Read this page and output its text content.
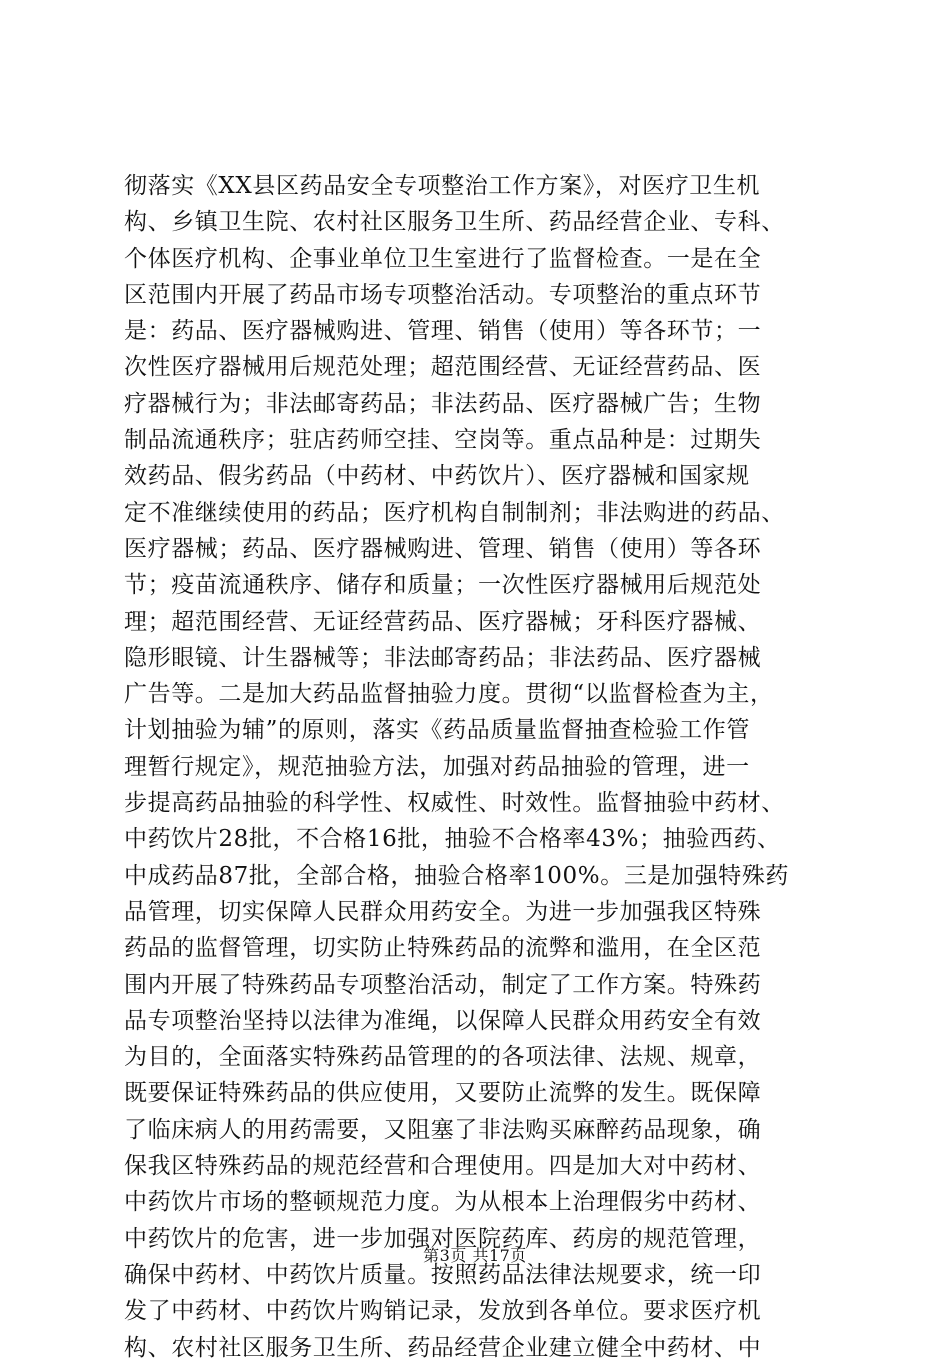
彻落实《XX县区药品安全专项整治工作方案》，对医疗卫生机
构、乡镇卫生院、农村社区服务卫生所、药品经营企业、专科、
个体医疗机构、企事业单位卫生室进行了监督检查。一是在全
区范围内开展了药品市场专项整治活动。专项整治的重点环节
是：药品、医疗器械购进、管理、销售（使用）等各环节；一
次性医疗器械用后规范处理；超范围经营、无证经营药品、医
疗器械行为；非法邮寄药品；非法药品、医疗器械广告；生物
制品流通秩序；驻店药师空挂、空岗等。重点品种是：过期失
效药品、假劣药品（中药材、中药饮片）、医疗器械和国家规
定不准继续使用的药品；医疗机构自制制剂；非法购进的药品、
医疗器械；药品、医疗器械购进、管理、销售（使用）等各环
节；疫苗流通秩序、储存和质量；一次性医疗器械用后规范处
理；超范围经营、无证经营药品、医疗器械；牙科医疗器械、
隐形眼镜、计生器械等；非法邮寄药品；非法药品、医疗器械
广告等。二是加大药品监督抽验力度。贯彻“以监督检查为主，
计划抽验为辅”的原则，落实《药品质量监督抽查检验工作管
理暂行规定》，规范抽验方法，加强对药品抽验的管理，进一
步提高药品抽验的科学性、权威性、时效性。监督抽验中药材、
中药饮片28批，不合格16批，抽验不合格率43%；抽验西药、
中成药品87批，全部合格，抽验合格率100%。三是加强特殊药
品管理，切实保障人民群众用药安全。为进一步加强我区特殊
药品的监督管理，切实防止特殊药品的流弊和滥用，在全区范
围内开展了特殊药品专项整治活动，制定了工作方案。特殊药
品专项整治坚持以法律为准绳，以保障人民群众用药安全有效
为目的，全面落实特殊药品管理的的各项法律、法规、规章，
既要保证特殊药品的供应使用，又要防止流弊的发生。既保障
了临床病人的用药需要，又阻塞了非法购买麻醉药品现象，确
保我区特殊药品的规范经营和合理使用。四是加大对中药材、
中药饮片市场的整顿规范力度。为从根本上治理假劣中药材、
中药饮片的危害，进一步加强对医院药库、药房的规范管理，
确保中药材、中药饮片质量。按照药品法律法规要求，统一印
发了中药材、中药饮片购销记录，发放到各单位。要求医疗机
构、农村社区服务卫生所、药品经营企业建立健全中药材、中
第3页 共17页
